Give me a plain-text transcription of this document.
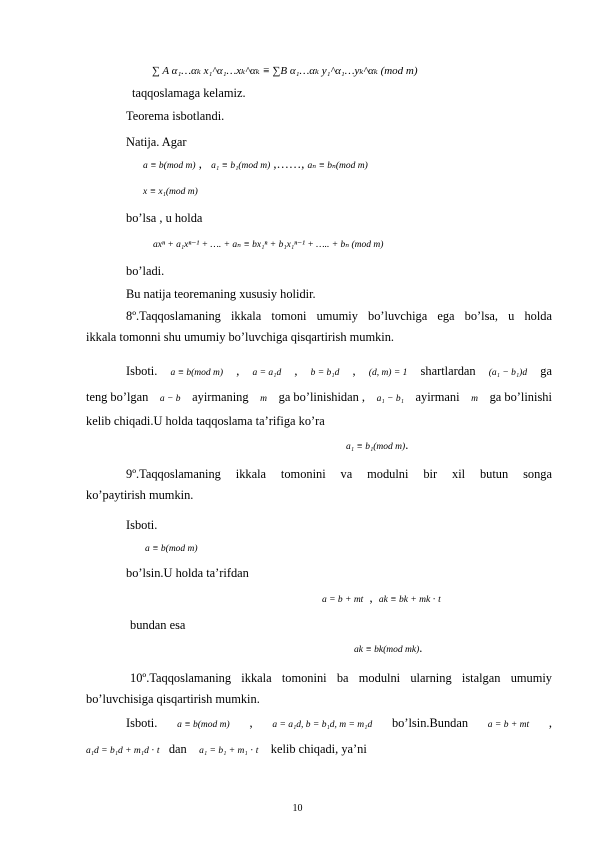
∑ A α₁…αₖ x₁^α₁…xₖ^αₖ ≡ ∑B α₁…αₖ y₁^α₁…yₖ^αₖ (mod m)
taqqoslamaga kelamiz.
Teorema isbotlandi.
Natija. Agar
a ≡ b(mod m) ,   a₁ ≡ b₁(mod m) ,……, aₙ ≡ bₙ(mod m)
x ≡ x₁(mod m)
bo’lsa , u holda
axⁿ + a₁xⁿ⁻¹ + …. + aₙ ≡ bx₁ⁿ + b₁x₁ⁿ⁻¹ + ….. + bₙ (mod m)
bo’ladi.
Bu natija teoremaning xususiy holidir.
8º.Taqqoslamaning ikkala tomoni umumiy bo’luvchiga ega bo’lsa, u holda
ikkala tomonni shu umumiy bo’luvchiga qisqartirish mumkin.
Isboti. a ≡ b(mod m) , a = a₁d , b = b₁d , (d, m) = 1 shartlardan (a₁ − b₁)d ga
teng bo’lgan a − b ayirmaning m ga bo’linishidan , a₁ − b₁ ayirmani m ga bo’linishi
kelib chiqadi.U holda taqqoslama ta’rifiga ko’ra
a₁ ≡ b₁(mod m).
9º.Taqqoslamaning ikkala tomonini va modulni bir xil butun songa
ko’paytirish mumkin.
Isboti.
a ≡ b(mod m)
bo’lsin.U holda ta’rifdan
a = b + mt  ,  ak ≡ bk + mk ⋅ t
bundan esa
ak ≡ bk(mod mk).
10º.Taqqoslamaning ikkala tomonini ba modulni ularning istalgan umumiy
bo’luvchisiga qisqartirish mumkin.
Isboti. a ≡ b(mod m) , a = a₁d, b = b₁d, m = m₁d bo’lsin.Bundan a = b + mt ,
a₁d = b₁d + m₁d ⋅ t dan a₁ = b₁ + m₁ ⋅ t kelib chiqadi, ya’ni
10
